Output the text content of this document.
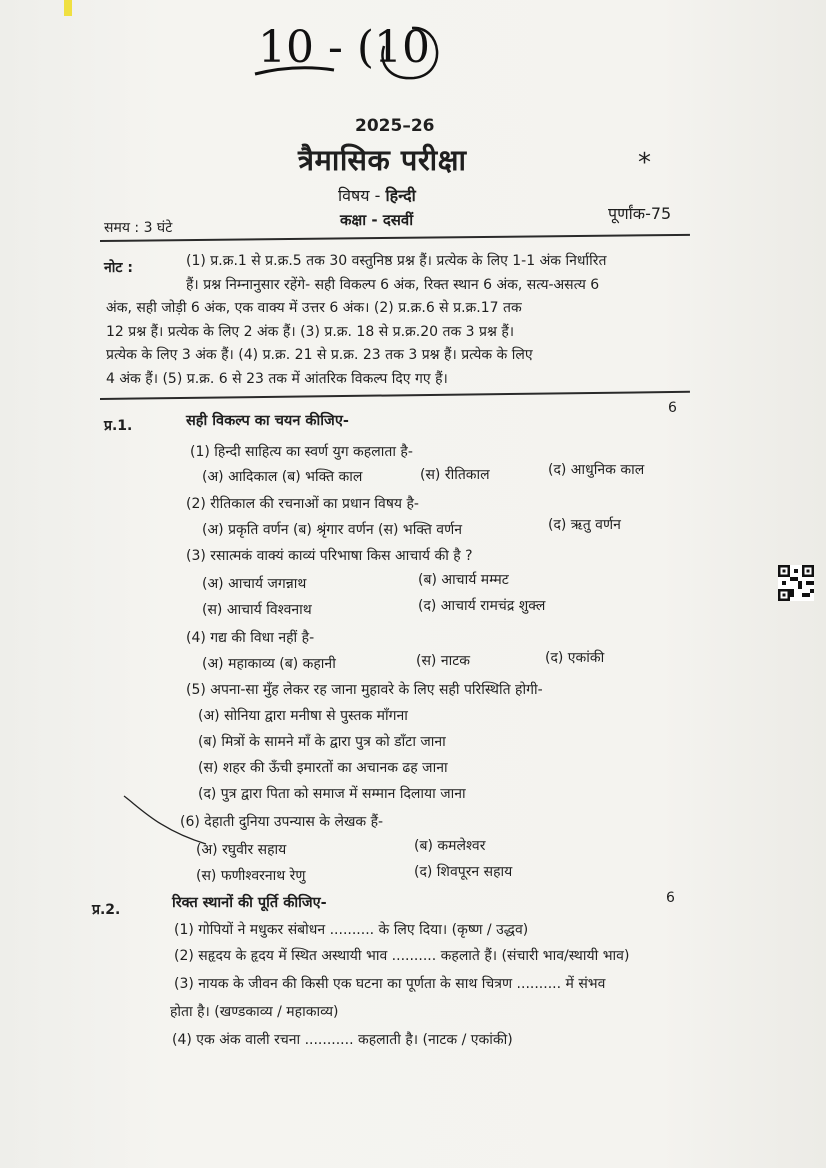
10 - (10
2025–26
त्रैमासिक परीक्षा	*
विषय - हिन्दी
समय : 3 घंटे	कक्षा - दसवीं	पूर्णांक-75
नोट :	(1) प्र.क्र.1 से प्र.क्र.5 तक 30 वस्तुनिष्ठ प्रश्न हैं। प्रत्येक के लिए 1-1 अंक निर्धारित

हैं। प्रश्न निम्नानुसार रहेंगे- सही विकल्प 6 अंक, रिक्त स्थान 6 अंक, सत्य-असत्य 6

अंक, सही जोड़ी 6 अंक, एक वाक्य में उत्तर 6 अंक। (2) प्र.क्र.6 से प्र.क्र.17 तक

12 प्रश्न हैं। प्रत्येक के लिए 2 अंक हैं। (3) प्र.क्र. 18 से प्र.क्र.20 तक 3 प्रश्न हैं।

प्रत्येक के लिए 3 अंक हैं। (4) प्र.क्र. 21 से प्र.क्र. 23 तक 3 प्रश्न हैं। प्रत्येक के लिए

4 अंक हैं। (5) प्र.क्र. 6 से 23 तक में आंतरिक विकल्प दिए गए हैं।

प्र.1.	सही विकल्प का चयन कीजिए-
6
(1) हिन्दी साहित्य का स्वर्ण युग कहलाता है-
(अ) आदिकाल (ब) भक्ति काल	(स) रीतिकाल	(द) आधुनिक काल
(2) रीतिकाल की रचनाओं का प्रधान विषय है-
(अ) प्रकृति वर्णन (ब) श्रृंगार वर्णन (स) भक्ति वर्णन	(द) ऋतु वर्णन
(3) रसात्मकं वाक्यं काव्यं परिभाषा किस आचार्य की है ?
(अ) आचार्य जगन्नाथ	(ब) आचार्य मम्मट
(स) आचार्य विश्वनाथ	(द) आचार्य रामचंद्र शुक्ल
(4) गद्य की विधा नहीं है-
(अ) महाकाव्य (ब) कहानी	(स) नाटक	(द) एकांकी
(5) अपना-सा मुँह लेकर रह जाना मुहावरे के लिए सही परिस्थिति होगी-
(अ) सोनिया द्वारा मनीषा से पुस्तक माँगना
(ब) मित्रों के सामने माँ के द्वारा पुत्र को डाँटा जाना
(स) शहर की ऊँची इमारतों का अचानक ढह जाना
(द) पुत्र द्वारा पिता को समाज में सम्मान दिलाया जाना
(6) देहाती दुनिया उपन्यास के लेखक हैं-
(अ) रघुवीर सहाय	(ब) कमलेश्वर
(स) फणीश्वरनाथ रेणु	(द) शिवपूरन सहाय
प्र.2.	रिक्त स्थानों की पूर्ति कीजिए-	6
(1) गोपियों ने मधुकर संबोधन .......... के लिए दिया। (कृष्ण / उद्धव)
(2) सहृदय के हृदय में स्थित अस्थायी भाव .......... कहलाते हैं। (संचारी भाव/स्थायी भाव)
(3) नायक के जीवन की किसी एक घटना का पूर्णता के साथ चित्रण .......... में संभव
होता है। (खण्डकाव्य / महाकाव्य)
(4) एक अंक वाली रचना ........... कहलाती है। (नाटक / एकांकी)
